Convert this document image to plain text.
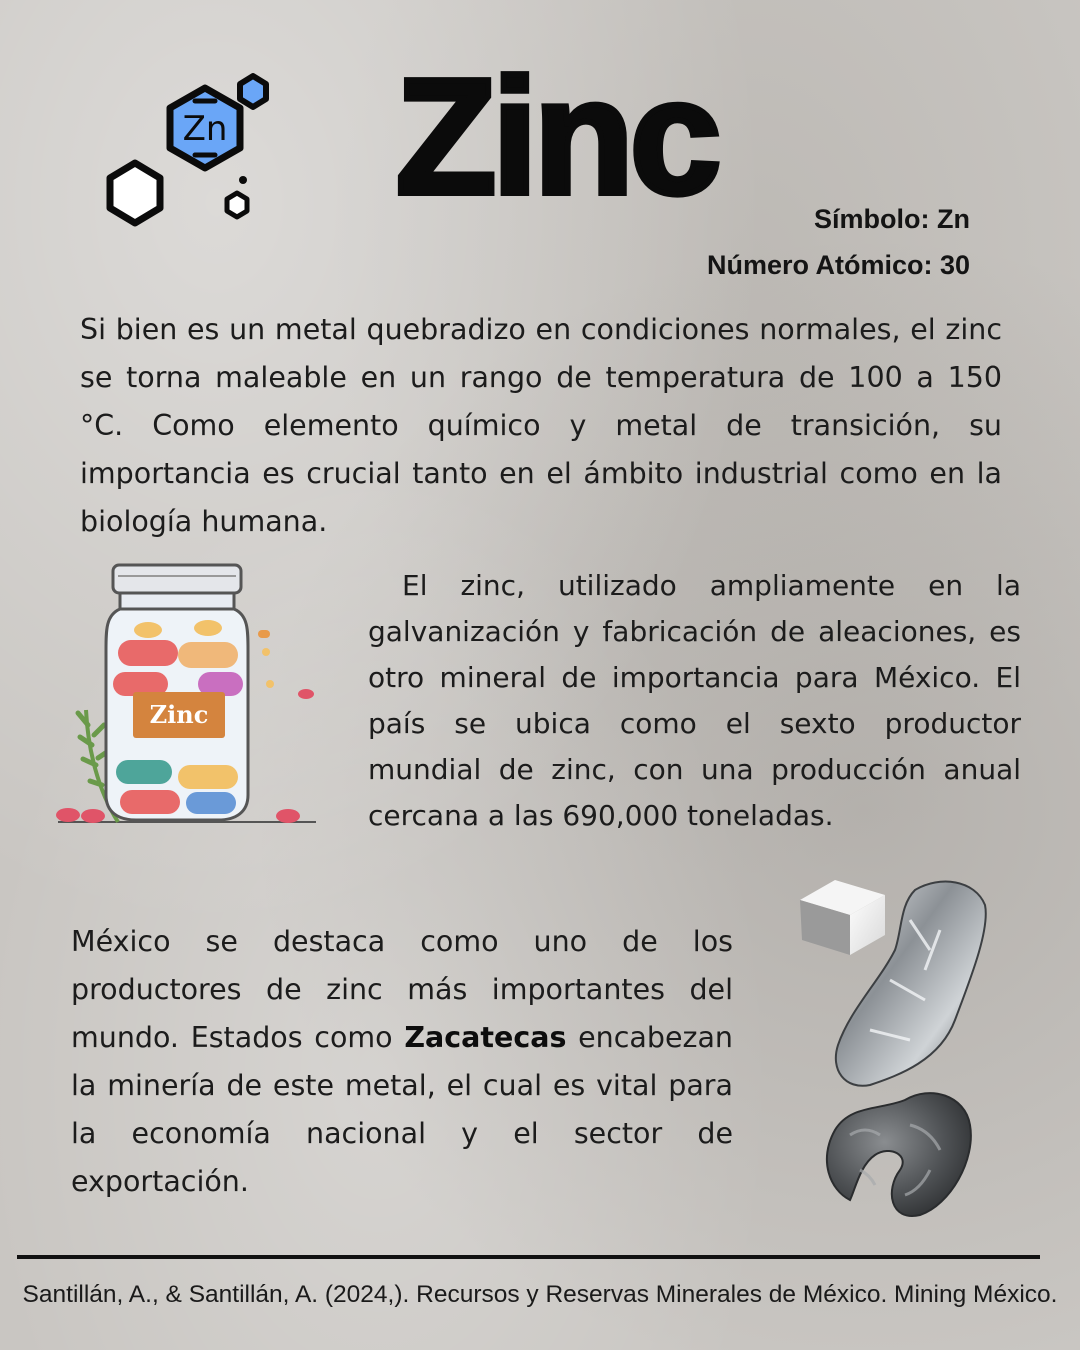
Zn Zinc	Símbolo: Zn
Número Atómico: 30

Si bien es un metal quebradizo en condiciones normales, el zinc se torna maleable en un rango de temperatura de 100 a 150 °C. Como elemento químico y metal de transición, su importancia es crucial tanto en el ámbito industrial como en la biología humana.

Zinc

El zinc, utilizado ampliamente en la galvanización y fabricación de aleaciones, es otro mineral de importancia para México. El país se ubica como el sexto productor mundial de zinc, con una producción anual cercana a las 690,000 toneladas.

México se destaca como uno de los productores de zinc más importantes del mundo. Estados como Zacatecas encabezan la minería de este metal, el cual es vital para la economía nacional y el sector de exportación.

Santillán, A., & Santillán, A. (2024,). Recursos y Reservas Minerales de México. Mining México.
